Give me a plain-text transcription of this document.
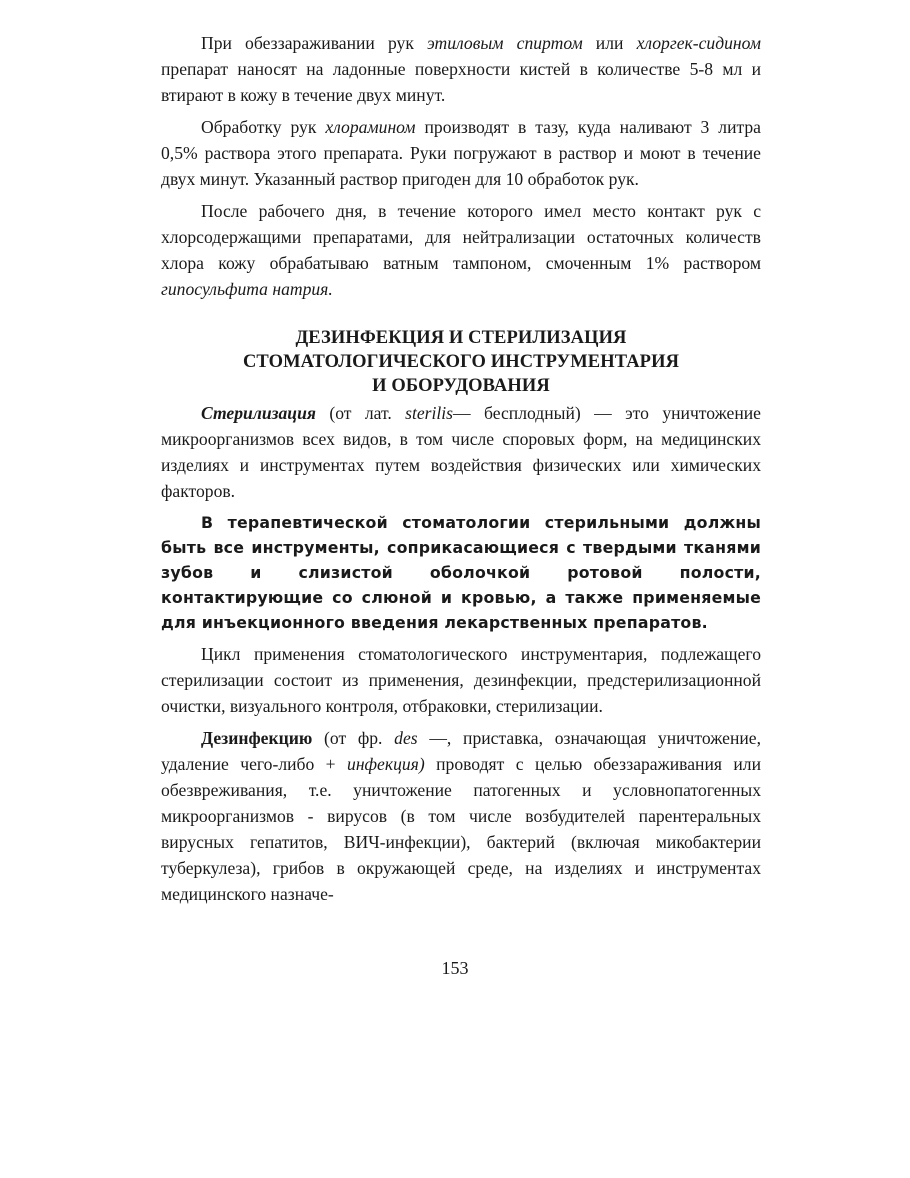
При обеззараживании рук этиловым спиртом или хлоргек-сидином препарат наносят на ладонные поверхности кистей в количестве 5-8 мл и втирают в кожу в течение двух минут.

Обработку рук хлорамином производят в тазу, куда наливают 3 литра 0,5% раствора этого препарата. Руки погружают в раствор и моют в течение двух минут. Указанный раствор пригоден для 10 обработок рук.

После рабочего дня, в течение которого имел место контакт рук с хлорсодержащими препаратами, для нейтрализации остаточных количеств хлора кожу обрабатываю ватным тампоном, смоченным 1% раствором гипосульфита натрия.

ДЕЗИНФЕКЦИЯ И СТЕРИЛИЗАЦИЯ
СТОМАТОЛОГИЧЕСКОГО ИНСТРУМЕНТАРИЯ
И ОБОРУДОВАНИЯ

Стерилизация (от лат. sterilis— бесплодный) — это уничтожение микроорганизмов всех видов, в том числе споровых форм, на медицинских изделиях и инструментах путем воздействия физических или химических факторов.

В терапевтической стоматологии стерильными должны быть все инструменты, соприкасающиеся с твердыми тканями зубов и слизистой оболочкой ротовой полости, контактирующие со слюной и кровью, а также применяемые для инъекционного введения лекарственных препаратов.

Цикл применения стоматологического инструментария, подлежащего стерилизации состоит из применения, дезинфекции, предстерилизационной очистки, визуального контроля, отбраковки, стерилизации.

Дезинфекцию (от фр. des —, приставка, означающая уничтожение, удаление чего-либо + инфекция) проводят с целью обеззараживания или обезвреживания, т.е. уничтожение патогенных и условнопатогенных микроорганизмов - вирусов (в том числе возбудителей парентеральных вирусных гепатитов, ВИЧ-инфекции), бактерий (включая микобактерии туберкулеза), грибов в окружающей среде, на изделиях и инструментах медицинского назначе-

153
